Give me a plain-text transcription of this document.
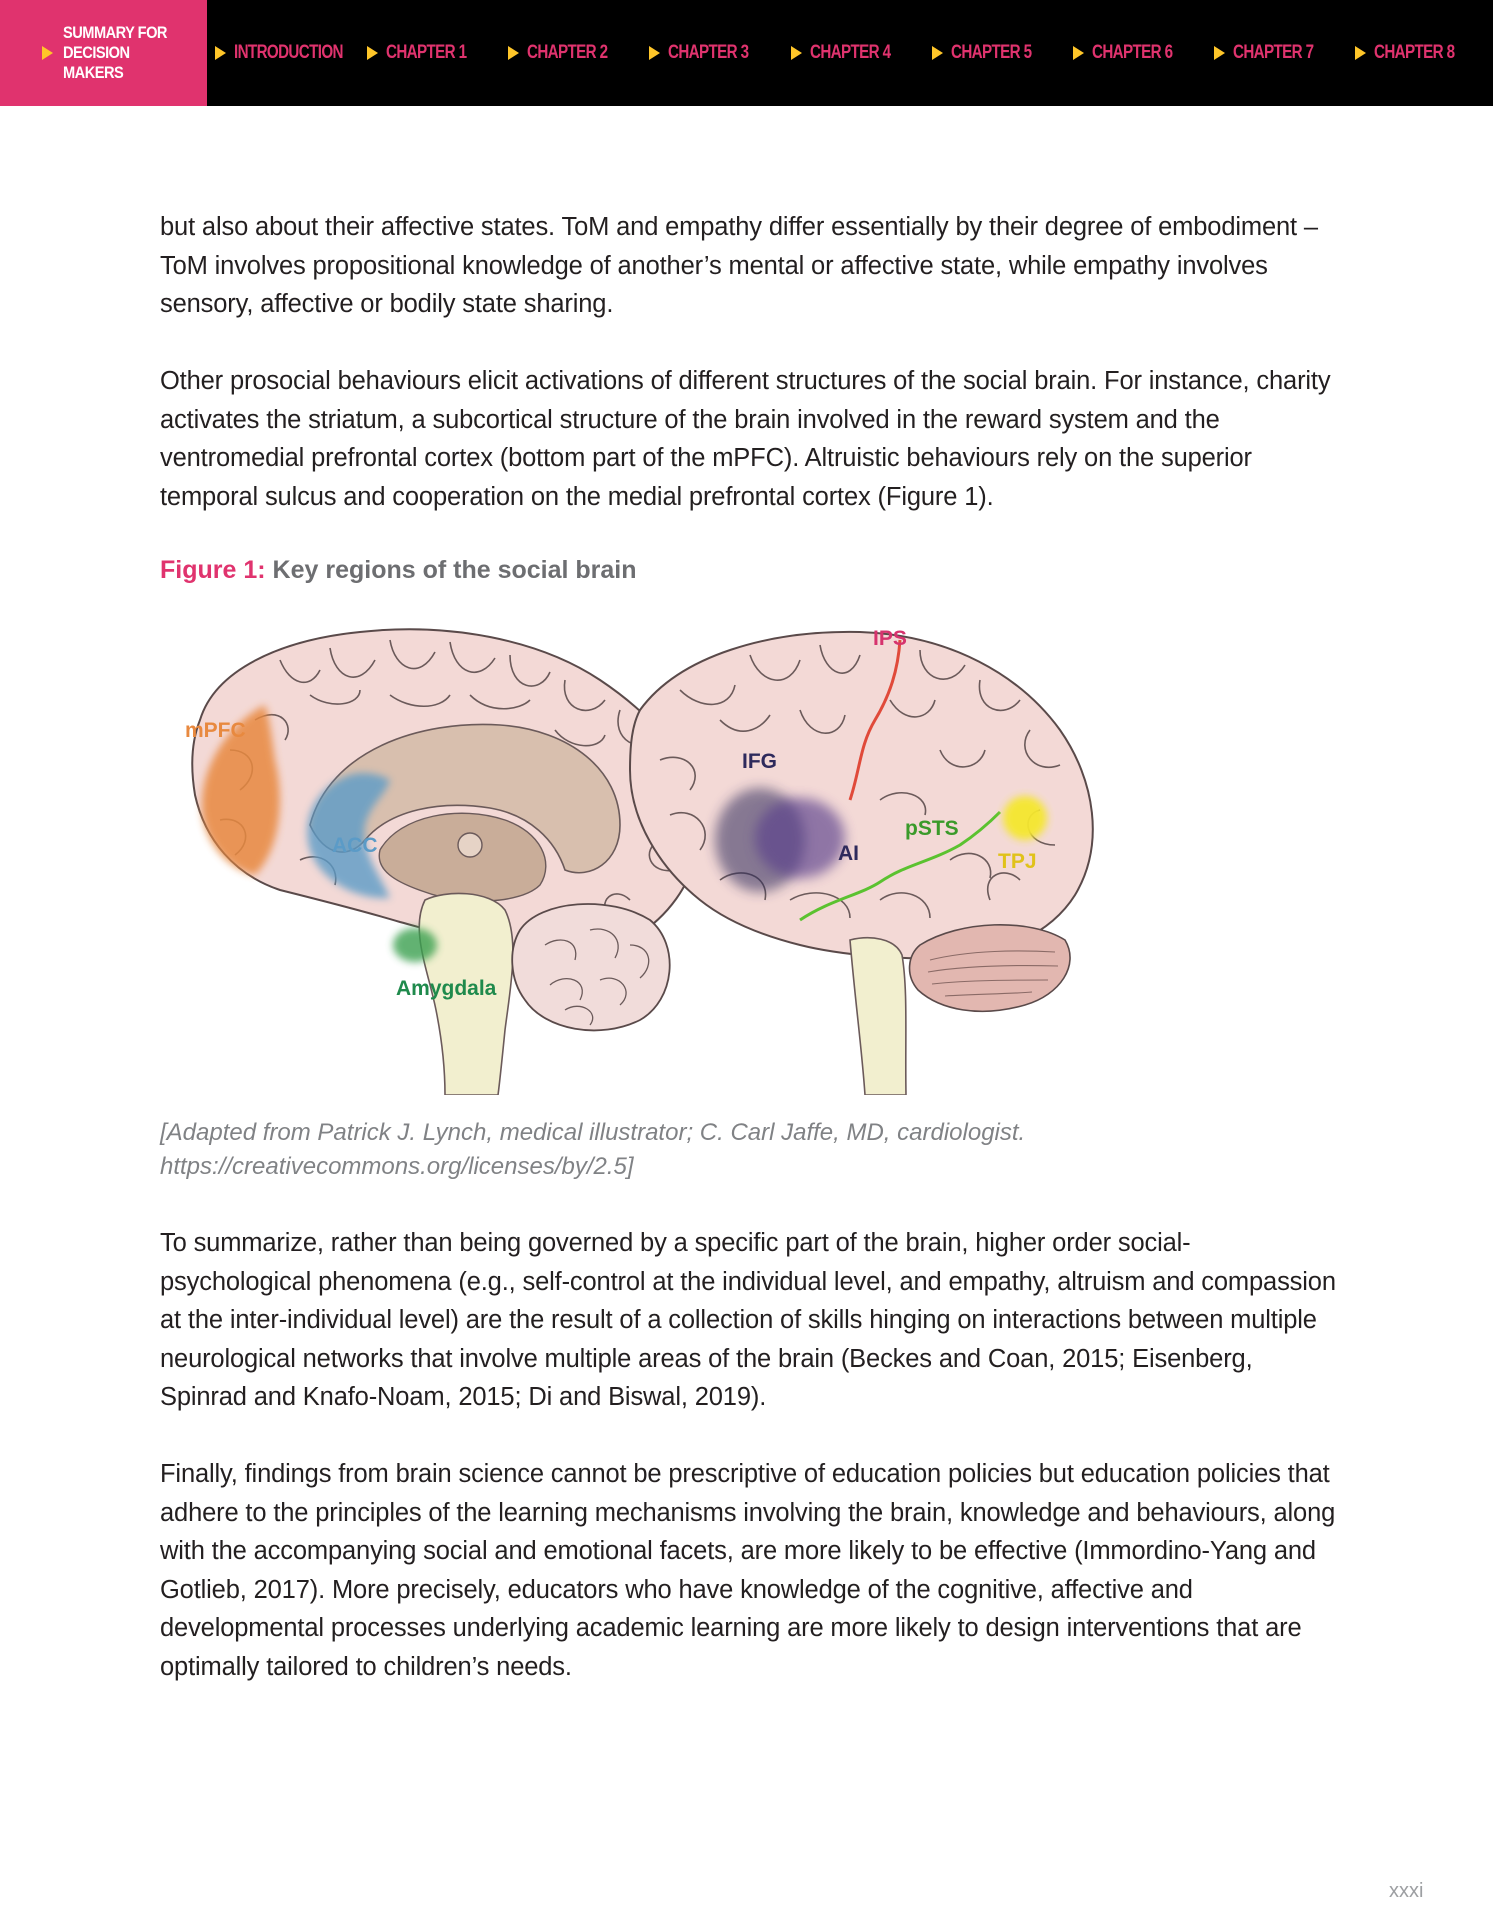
SUMMARY FOR
DECISION MAKERS
INTRODUCTION CHAPTER 1	CHAPTER 2	CHAPTER 3	CHAPTER 4	CHAPTER 5	CHAPTER 6	CHAPTER 7	CHAPTER 8

but also about their affective states. ToM and empathy differ essentially by their degree of embodiment – ToM involves propositional knowledge of another’s mental or affective state, while empathy involves sensory, affective or bodily state sharing.

Other prosocial behaviours elicit activations of different structures of the social brain. For instance, charity activates the striatum, a subcortical structure of the brain involved in the reward system and the ventromedial prefrontal cortex (bottom part of the mPFC). Altruistic behaviours rely on the superior temporal sulcus and cooperation on the medial prefrontal cortex (Figure 1).

Figure 1: Key regions of the social brain
mPFC
ACC
Amygdala
IPS
IFG
AI
pSTS
TPJ
[Adapted from Patrick J. Lynch, medical illustrator; C. Carl Jaffe, MD, cardiologist.
https://creativecommons.org/licenses/by/2.5]

To summarize, rather than being governed by a specific part of the brain, higher order social-psychological phenomena (e.g., self-control at the individual level, and empathy, altruism and compassion at the inter-individual level) are the result of a collection of skills hinging on interactions between multiple neurological networks that involve multiple areas of the brain (Beckes and Coan, 2015; Eisenberg, Spinrad and Knafo-Noam, 2015; Di and Biswal, 2019).

Finally, findings from brain science cannot be prescriptive of education policies but education policies that adhere to the principles of the learning mechanisms involving the brain, knowledge and behaviours, along with the accompanying social and emotional facets, are more likely to be effective (Immordino-Yang and Gotlieb, 2017). More precisely, educators who have knowledge of the cognitive, affective and developmental processes underlying academic learning are more likely to design interventions that are optimally tailored to children’s needs.

xxxi
